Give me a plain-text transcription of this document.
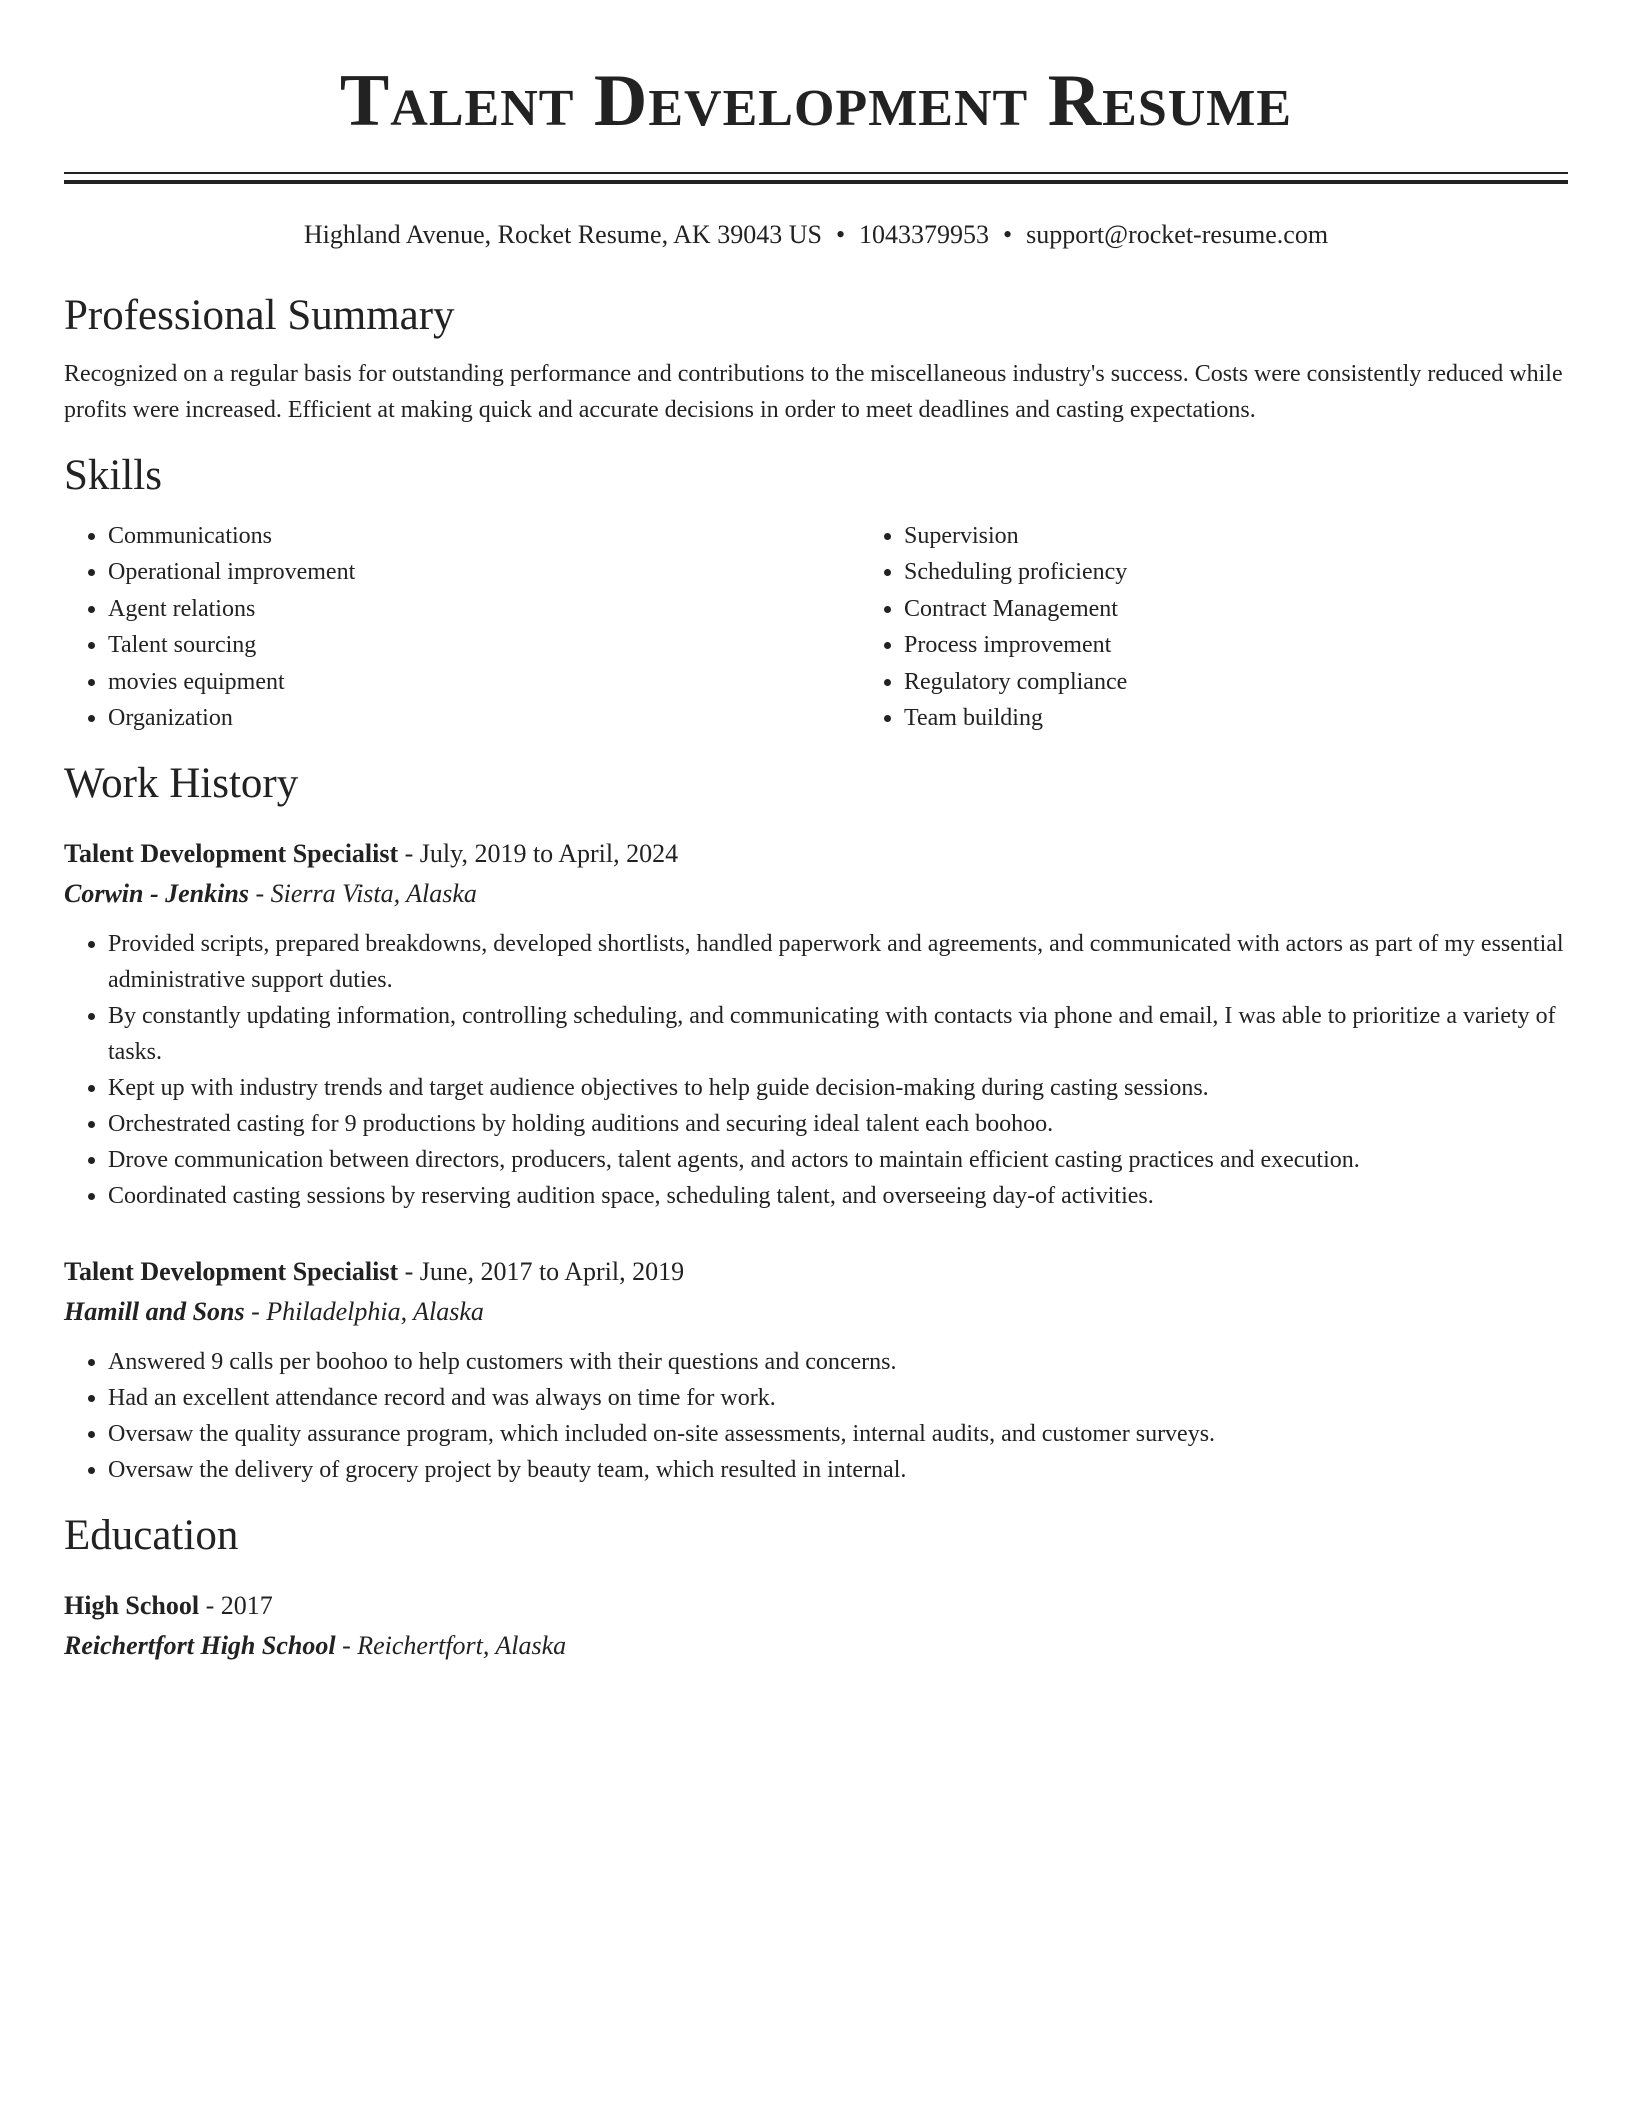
Talent Development Resume
Highland Avenue, Rocket Resume, AK 39043 US • 1043379953 • support@rocket-resume.com
Professional Summary
Recognized on a regular basis for outstanding performance and contributions to the miscellaneous industry's success. Costs were consistently reduced while profits were increased. Efficient at making quick and accurate decisions in order to meet deadlines and casting expectations.
Skills
• Communications
• Operational improvement
• Agent relations
• Talent sourcing
• movies equipment
• Organization
• Supervision
• Scheduling proficiency
• Contract Management
• Process improvement
• Regulatory compliance
• Team building
Work History
Talent Development Specialist - July, 2019 to April, 2024
Corwin - Jenkins - Sierra Vista, Alaska
• Provided scripts, prepared breakdowns, developed shortlists, handled paperwork and agreements, and communicated with actors as part of my essential administrative support duties.
• By constantly updating information, controlling scheduling, and communicating with contacts via phone and email, I was able to prioritize a variety of tasks.
• Kept up with industry trends and target audience objectives to help guide decision-making during casting sessions.
• Orchestrated casting for 9 productions by holding auditions and securing ideal talent each boohoo.
• Drove communication between directors, producers, talent agents, and actors to maintain efficient casting practices and execution.
• Coordinated casting sessions by reserving audition space, scheduling talent, and overseeing day-of activities.
Talent Development Specialist - June, 2017 to April, 2019
Hamill and Sons - Philadelphia, Alaska
• Answered 9 calls per boohoo to help customers with their questions and concerns.
• Had an excellent attendance record and was always on time for work.
• Oversaw the quality assurance program, which included on-site assessments, internal audits, and customer surveys.
• Oversaw the delivery of grocery project by beauty team, which resulted in internal.
Education
High School - 2017
Reichertfort High School - Reichertfort, Alaska
